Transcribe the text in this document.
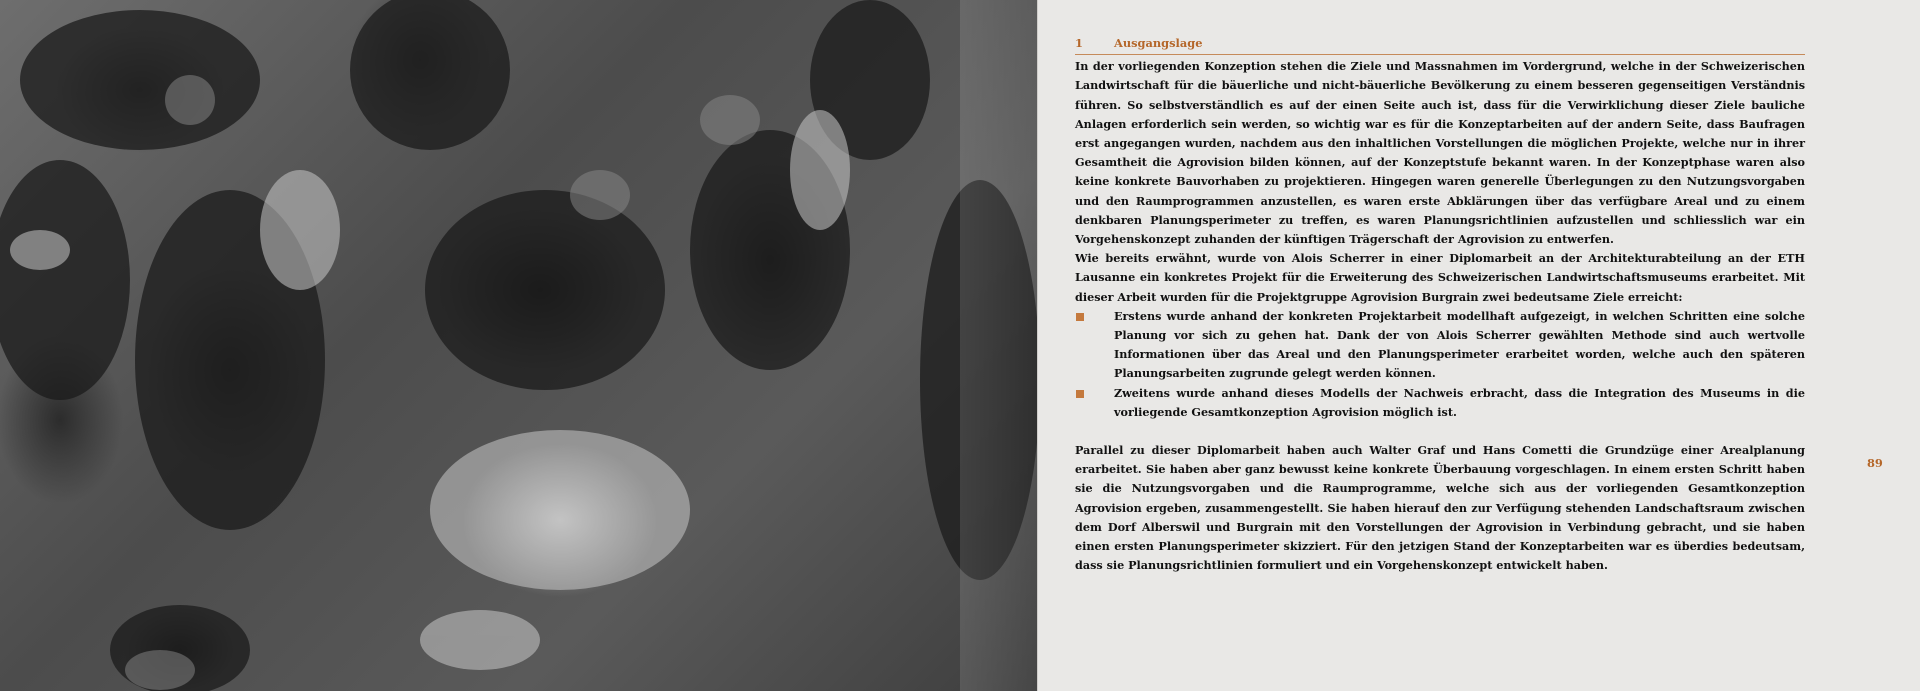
1	Ausgangslage

In der vorliegenden Konzeption stehen die Ziele und Massnahmen im Vordergrund, welche in der Schweizerischen Landwirtschaft für die bäuerliche und nicht-bäuerliche Bevölkerung zu einem besseren gegenseitigen Verständnis führen. So selbstverständlich es auf der einen Seite auch ist, dass für die Verwirklichung dieser Ziele bauliche Anlagen erforderlich sein werden, so wichtig war es für die Konzeptarbeiten auf der andern Seite, dass Baufragen erst angegangen wurden, nachdem aus den inhaltlichen Vorstellungen die möglichen Projekte, welche nur in ihrer Gesamtheit die Agrovision bilden können, auf der Konzeptstufe bekannt waren. In der Konzeptphase waren also keine konkrete Bauvorhaben zu projektieren. Hingegen waren generelle Überlegungen zu den Nutzungsvorgaben und den Raumprogrammen anzustellen, es waren erste Abklärungen über das verfügbare Areal und zu einem denkbaren Planungsperimeter zu treffen, es waren Planungsrichtlinien aufzustellen und schliesslich war ein Vorgehenskonzept zuhanden der künftigen Trägerschaft der Agrovision zu entwerfen.

Wie bereits erwähnt, wurde von Alois Scherrer in einer Diplomarbeit an der Architekturabteilung an der ETH Lausanne ein konkretes Projekt für die Erweiterung des Schweizerischen Landwirtschaftsmuseums erarbeitet. Mit dieser Arbeit wurden für die Projektgruppe Agrovision Burgrain zwei bedeutsame Ziele erreicht:

Erstens wurde anhand der konkreten Projektarbeit modellhaft aufgezeigt, in welchen Schritten eine solche Planung vor sich zu gehen hat. Dank der von Alois Scherrer gewählten Methode sind auch wertvolle Informationen über das Areal und den Planungsperimeter erarbeitet worden, welche auch den späteren Planungsarbeiten zugrunde gelegt werden können.
Zweitens wurde anhand dieses Modells der Nachweis erbracht, dass die Integration des Museums in die vorliegende Gesamtkonzeption Agrovision möglich ist.

Parallel zu dieser Diplomarbeit haben auch Walter Graf und Hans Cometti die Grundzüge einer Arealplanung erarbeitet. Sie haben aber ganz bewusst keine konkrete Überbauung vorgeschlagen. In einem ersten Schritt haben sie die Nutzungsvorgaben und die Raumprogramme, welche sich aus der vorliegenden Gesamtkonzeption Agrovision ergeben, zusammengestellt. Sie haben hierauf den zur Verfügung stehenden Landschaftsraum zwischen dem Dorf Alberswil und Burgrain mit den Vorstellungen der Agrovision in Verbindung gebracht, und sie haben einen ersten Planungsperimeter skizziert. Für den jetzigen Stand der Konzeptarbeiten war es überdies bedeutsam, dass sie Planungsrichtlinien formuliert und ein Vorgehenskonzept entwickelt haben.

89
